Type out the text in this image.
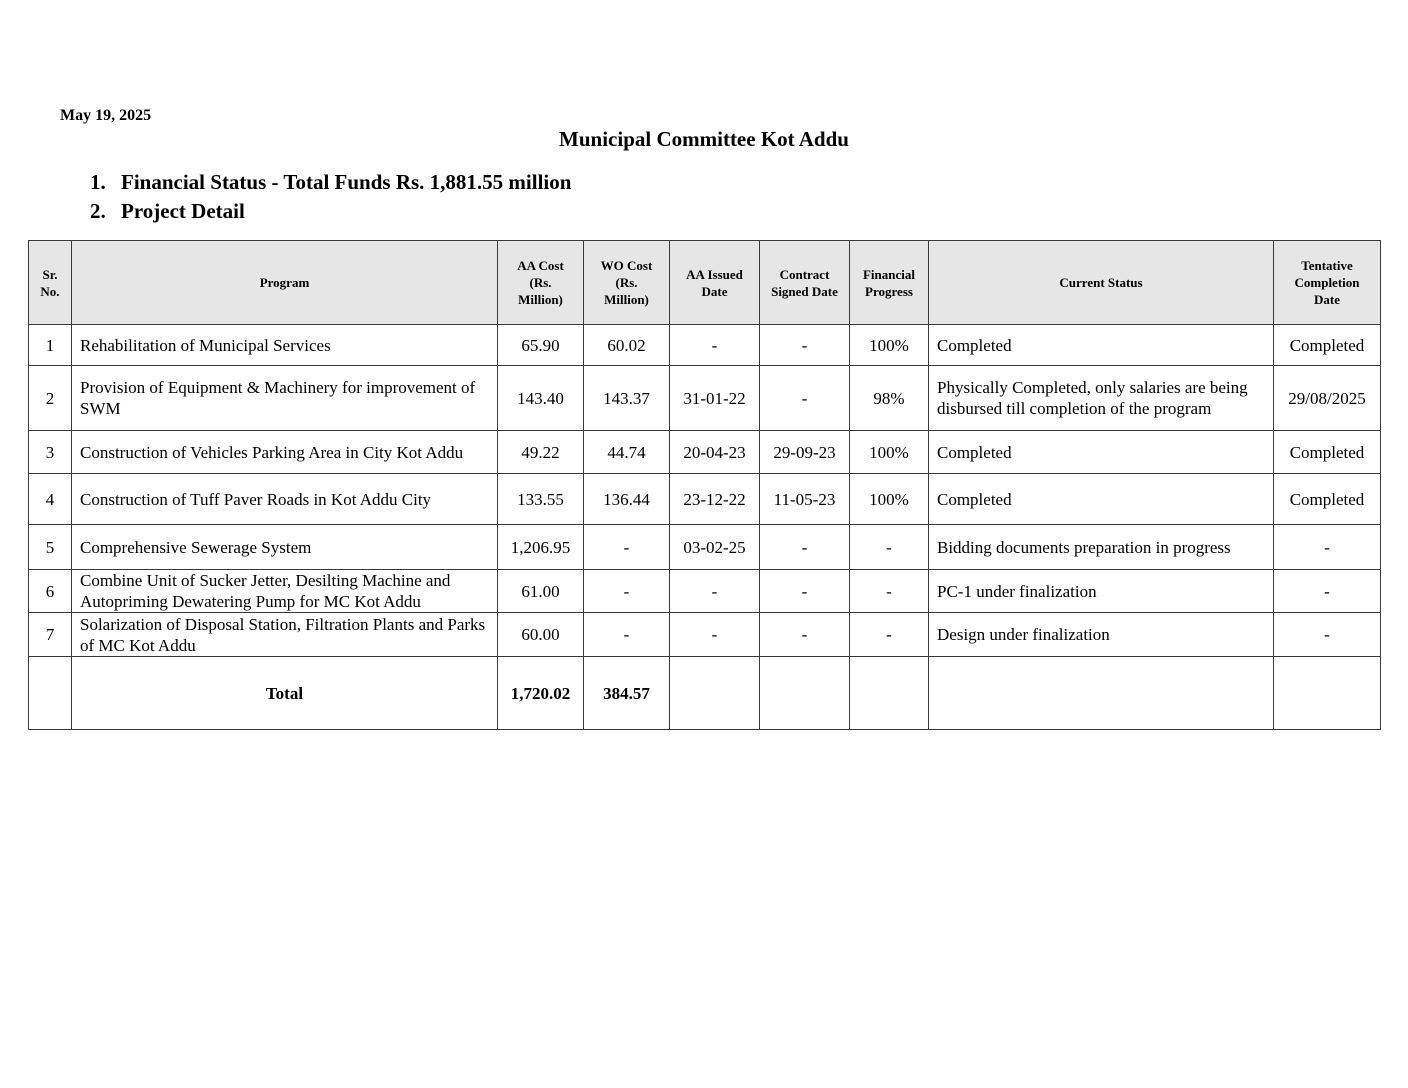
May 19, 2025
Municipal Committee Kot Addu
1. Financial Status - Total Funds Rs. 1,881.55 million
2. Project Detail
Sr. No.	Program	AA Cost (Rs. Million)	WO Cost (Rs. Million)	AA Issued Date	Contract Signed Date	Financial Progress	Current Status	Tentative Completion Date
1	Rehabilitation of Municipal Services	65.90	60.02	-	-	100%	Completed	Completed
2	Provision of Equipment & Machinery for improvement of SWM	143.40	143.37	31-01-22	-	98%	Physically Completed, only salaries are being disbursed till completion of the program	29/08/2025
3	Construction of Vehicles Parking Area in City Kot Addu	49.22	44.74	20-04-23	29-09-23	100%	Completed	Completed
4	Construction of Tuff Paver Roads in Kot Addu City	133.55	136.44	23-12-22	11-05-23	100%	Completed	Completed
5	Comprehensive Sewerage System	1,206.95	-	03-02-25	-	-	Bidding documents preparation in progress	-
6	Combine Unit of Sucker Jetter, Desilting Machine and Autopriming Dewatering Pump for MC Kot Addu	61.00	-	-	-	-	PC-1 under finalization	-
7	Solarization of Disposal Station, Filtration Plants and Parks of MC Kot Addu	60.00	-	-	-	-	Design under finalization	-
	Total	1,720.02	384.57					
